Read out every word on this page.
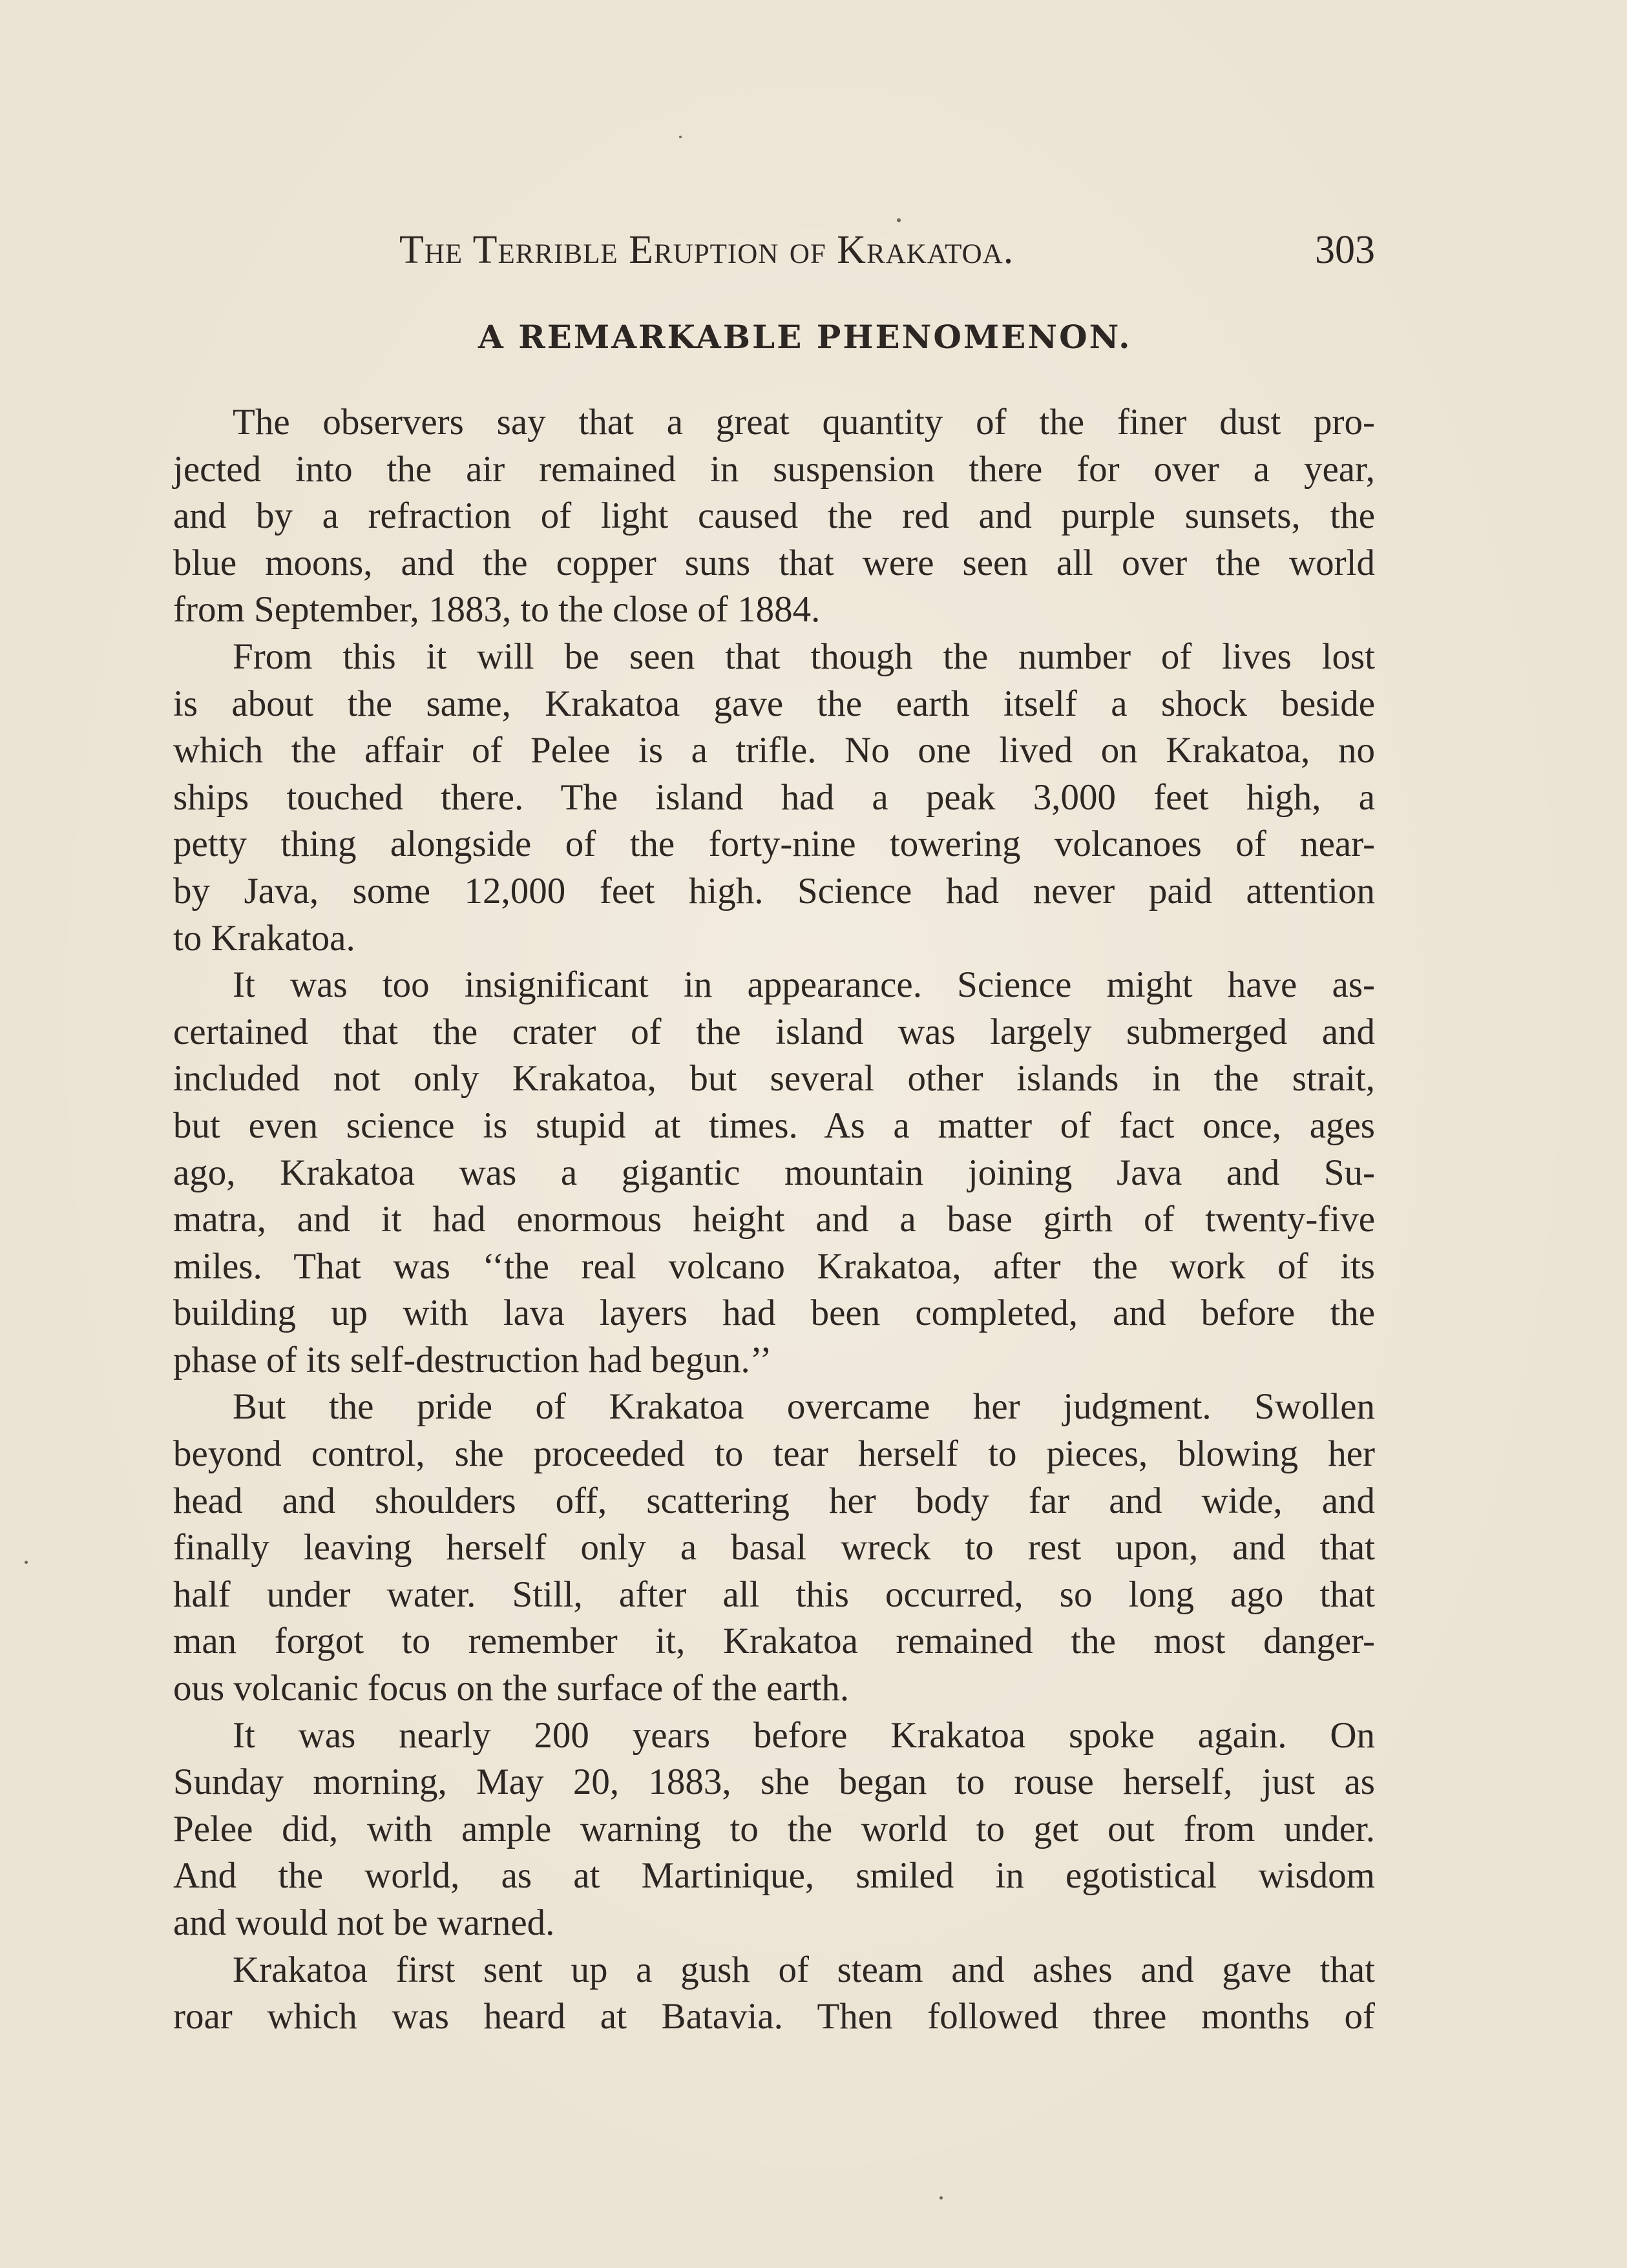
The Terrible Eruption of Krakatoa.	303
A REMARKABLE PHENOMENON.
The observers say that a great quantity of the finer dust pro-
jected into the air remained in suspension there for over a year,
and by a refraction of light caused the red and purple sunsets, the
blue moons, and the copper suns that were seen all over the world
from September, 1883, to the close of 1884.
From this it will be seen that though the number of lives lost
is about the same, Krakatoa gave the earth itself a shock beside
which the affair of Pelee is a trifle. No one lived on Krakatoa, no
ships touched there. The island had a peak 3,000 feet high, a
petty thing alongside of the forty-nine towering volcanoes of near-
by Java, some 12,000 feet high. Science had never paid attention
to Krakatoa.
It was too insignificant in appearance. Science might have as-
certained that the crater of the island was largely submerged and
included not only Krakatoa, but several other islands in the strait,
but even science is stupid at times. As a matter of fact once, ages
ago, Krakatoa was a gigantic mountain joining Java and Su-
matra, and it had enormous height and a base girth of twenty-five
miles. That was ‘‘the real volcano Krakatoa, after the work of its
building up with lava layers had been completed, and before the
phase of its self-destruction had begun.’’
But the pride of Krakatoa overcame her judgment. Swollen
beyond control, she proceeded to tear herself to pieces, blowing her
head and shoulders off, scattering her body far and wide, and
finally leaving herself only a basal wreck to rest upon, and that
half under water. Still, after all this occurred, so long ago that
man forgot to remember it, Krakatoa remained the most danger-
ous volcanic focus on the surface of the earth.
It was nearly 200 years before Krakatoa spoke again. On
Sunday morning, May 20, 1883, she began to rouse herself, just as
Pelee did, with ample warning to the world to get out from under.
And the world, as at Martinique, smiled in egotistical wisdom
and would not be warned.
Krakatoa first sent up a gush of steam and ashes and gave that
roar which was heard at Batavia. Then followed three months of
